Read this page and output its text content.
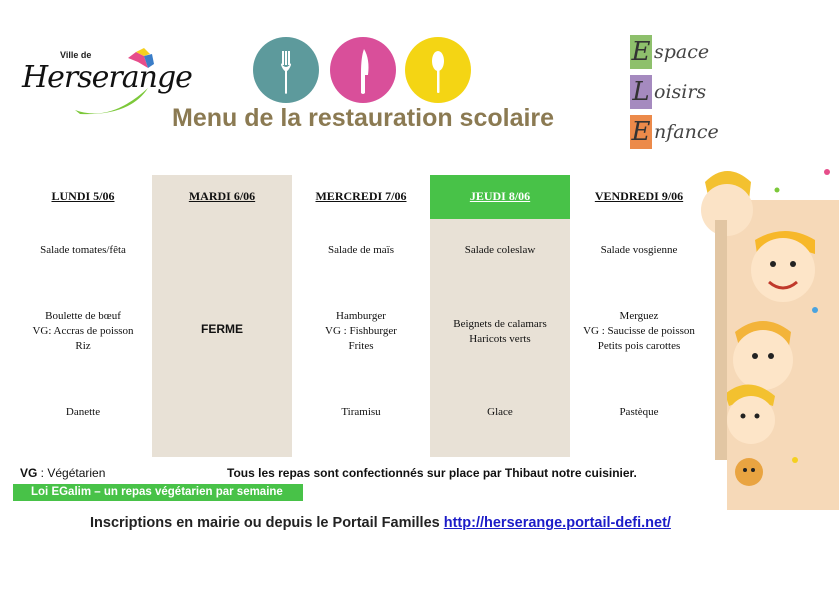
Ville de
Herserange
Menu de la restauration scolaire
E space
L oisirs
E nfance
LUNDI 5/06
Salade tomates/fêta
Boulette de bœuf
VG: Accras de poisson
Riz
Danette
MARDI 6/06
FERME
MERCREDI 7/06
Salade de maïs
Hamburger
VG : Fishburger
Frites
Tiramisu
JEUDI 8/06
Salade coleslaw
Beignets de calamars
Haricots verts
Glace
VENDREDI 9/06
Salade vosgienne
Merguez
VG : Saucisse de poisson
Petits pois carottes
Pastèque
VG : Végétarien	Tous les repas sont confectionnés sur place par Thibaut notre cuisinier.
Loi EGalim – un repas végétarien par semaine
Inscriptions en mairie ou depuis le Portail Familles http://herserange.portail-defi.net/
